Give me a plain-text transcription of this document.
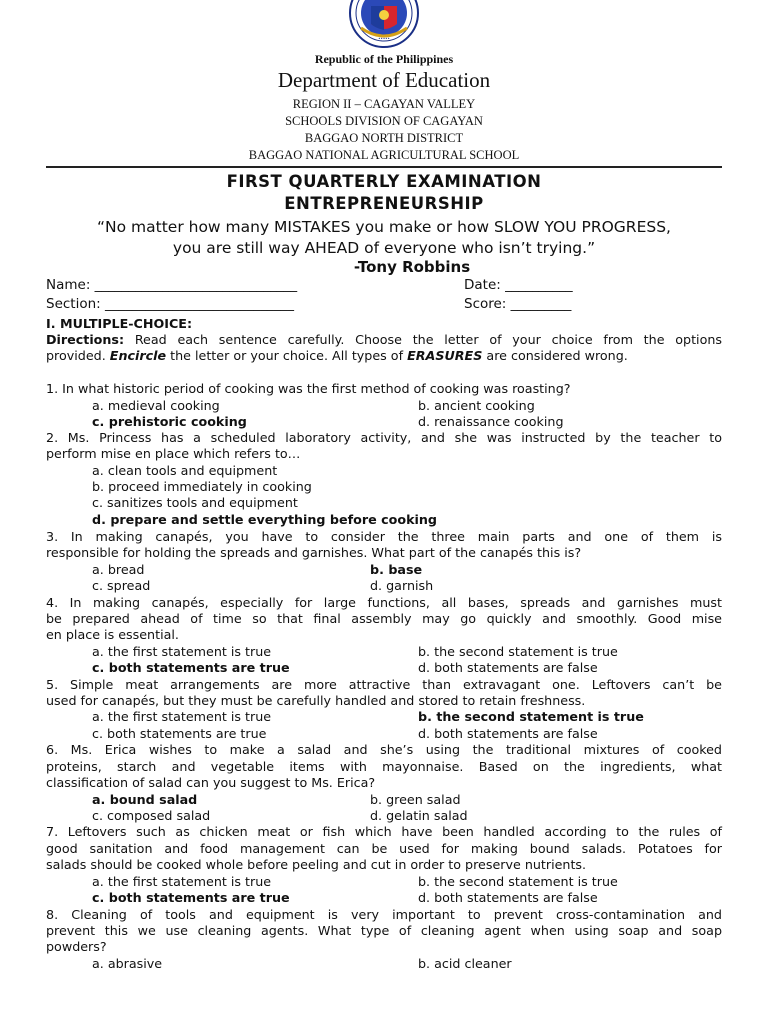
•••••
Republic of the Philippines
Department of Education
REGION II – CAGAYAN VALLEY
SCHOOLS DIVISION OF CAGAYAN
BAGGAO NORTH DISTRICT
BAGGAO NATIONAL AGRICULTURAL SCHOOL
FIRST QUARTERLY EXAMINATION
ENTREPRENEURSHIP
“No matter how many MISTAKES you make or how SLOW YOU PROGRESS,
you are still way AHEAD of everyone who isn’t trying.”
-Tony Robbins
Name: ______________________________	Date: __________
Section: ____________________________	Score: _________
I. MULTIPLE-CHOICE:
Directions: Read each sentence carefully. Choose the letter of your choice from the options
provided. Encircle the letter or your choice. All types of ERASURES are considered wrong.
1. In what historic period of cooking was the first method of cooking was roasting?
a. medieval cooking	b. ancient cooking
c. prehistoric cooking	d. renaissance cooking
2. Ms. Princess has a scheduled laboratory activity, and she was instructed by the teacher to
perform mise en place which refers to…
a. clean tools and equipment
b. proceed immediately in cooking
c. sanitizes tools and equipment
d. prepare and settle everything before cooking
3. In making canapés, you have to consider the three main parts and one of them is
responsible for holding the spreads and garnishes. What part of the canapés this is?
a. bread	b. base
c. spread	d. garnish
4. In making canapés, especially for large functions, all bases, spreads and garnishes must
be prepared ahead of time so that final assembly may go quickly and smoothly. Good mise
en place is essential.
a. the first statement is true	b. the second statement is true
c. both statements are true	d. both statements are false
5. Simple meat arrangements are more attractive than extravagant one. Leftovers can’t be
used for canapés, but they must be carefully handled and stored to retain freshness.
a. the first statement is true	b. the second statement is true
c. both statements are true	d. both statements are false
6. Ms. Erica wishes to make a salad and she’s using the traditional mixtures of cooked
proteins, starch and vegetable items with mayonnaise. Based on the ingredients, what
classification of salad can you suggest to Ms. Erica?
a. bound salad	b. green salad
c. composed salad	d. gelatin salad
7. Leftovers such as chicken meat or fish which have been handled according to the rules of
good sanitation and food management can be used for making bound salads. Potatoes for
salads should be cooked whole before peeling and cut in order to preserve nutrients.
a. the first statement is true	b. the second statement is true
c. both statements are true	d. both statements are false
8. Cleaning of tools and equipment is very important to prevent cross-contamination and
prevent this we use cleaning agents. What type of cleaning agent when using soap and soap
powders?
a. abrasive	b. acid cleaner
